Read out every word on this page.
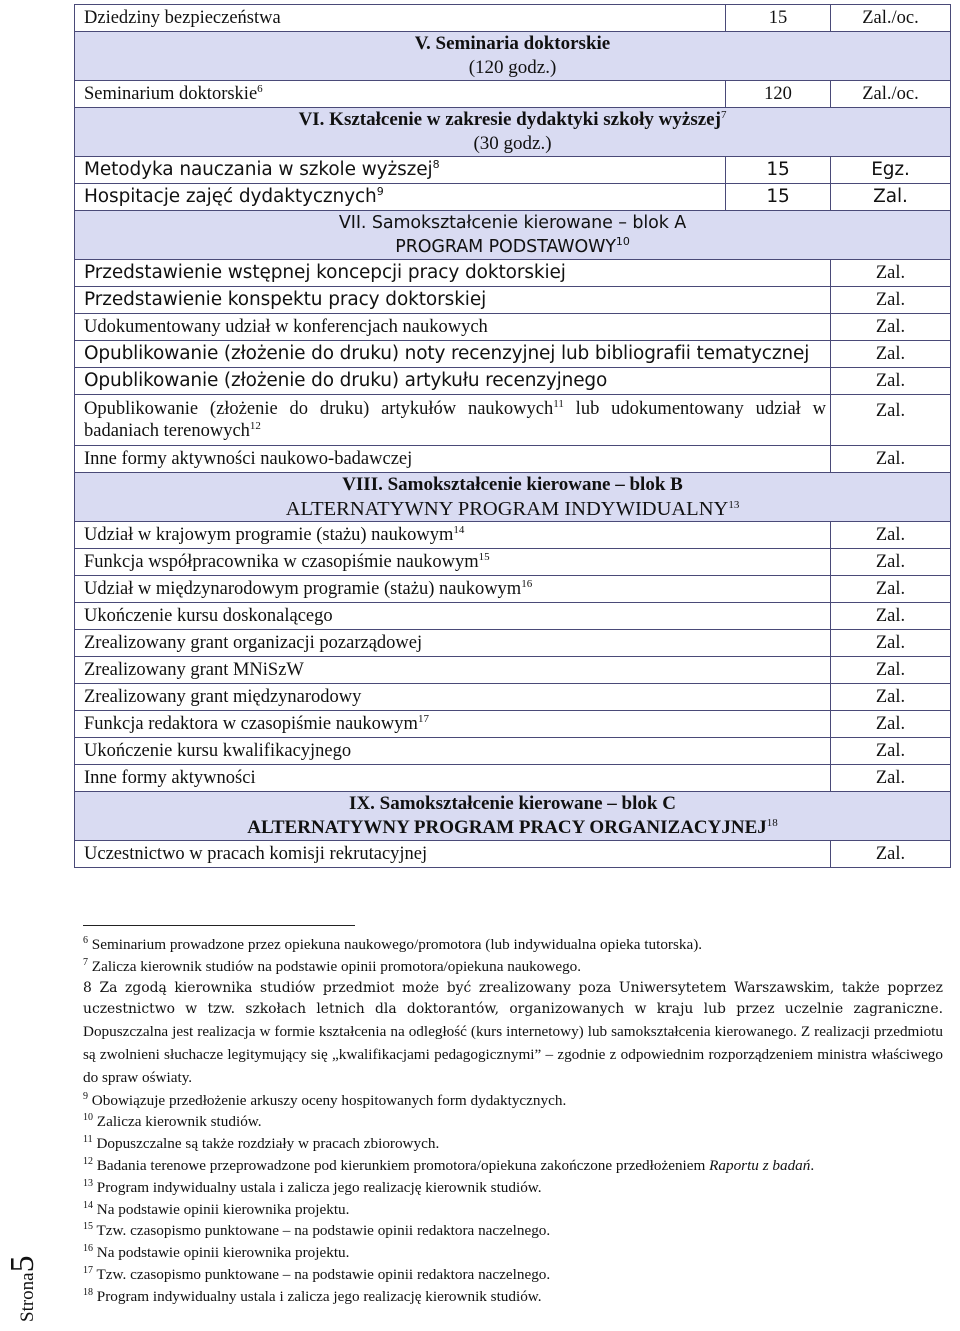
Dziedziny bezpieczeństwa	15	Zal./oc.

V. Seminaria doktorskie
(120 godz.)		

Seminarium doktorskie$^6$	120	Zal./oc.

VI. Kształcenie w zakresie dydaktyki szkoły wyższej$^7$
(30 godz.)		

Metodyka nauczania w szkole wyższej$^8$	15	Egz.
Hospitacje zajęć dydaktycznych$^9$	15	Zal.

VII. Samokształcenie kierowane – blok A
PROGRAM PODSTAWOWY$^{10}$

Przedstawienie wstępnej koncepcji pracy doktorskiej		Zal.
Przedstawienie konspektu pracy doktorskiej		Zal.
Udokumentowany udział w konferencjach naukowych		Zal.
Opublikowanie (złożenie do druku) noty recenzyjnej lub bibliografii tematycznej		Zal.
Opublikowanie (złożenie do druku) artykułu recenzyjnego		Zal.
Opublikowanie (złożenie do druku) artykułów naukowych$^{11}$ lub udokumentowany udział w badaniach terenowych$^{12}$		Zal.
Inne formy aktywności naukowo-badawczej		Zal.

VIII. Samokształcenie kierowane – blok B
ALTERNATYWNY PROGRAM INDYWIDUALNY$^{13}$

Udział w krajowym programie (stażu) naukowym$^{14}$		Zal.
Funkcja współpracownika w czasopiśmie naukowym$^{15}$		Zal.
Udział w międzynarodowym programie (stażu) naukowym$^{16}$		Zal.
Ukończenie kursu doskonalącego		Zal.
Zrealizowany grant organizacji pozarządowej		Zal.
Zrealizowany grant MNiSzW		Zal.
Zrealizowany grant międzynarodowy		Zal.
Funkcja redaktora w czasopiśmie naukowym$^{17}$		Zal.
Ukończenie kursu kwalifikacyjnego		Zal.
Inne formy aktywności		Zal.

IX. Samokształcenie kierowane – blok C
ALTERNATYWNY PROGRAM PRACY ORGANIZACYJNEJ$^{18}$

Uczestnictwo w pracach komisji rekrutacyjnej		Zal.

$^6$ Seminarium prowadzone przez opiekuna naukowego/promotora (lub indywidualna opieka tutorska).

$^7$ Zalicza kierownik studiów na podstawie opinii promotora/opiekuna naukowego.

8 Za zgodą kierownika studiów przedmiot może być zrealizowany poza Uniwersytetem Warszawskim, także poprzez uczestnictwo w tzw. szkołach letnich dla doktorantów, organizowanych w kraju lub przez uczelnie zagraniczne. Dopuszczalna jest realizacja w formie kształcenia na odległość (kurs internetowy) lub samokształcenia kierowanego. Z realizacji przedmiotu są zwolnieni słuchacze legitymujący się „kwalifikacjami pedagogicznymi” – zgodnie z odpowiednim rozporządzeniem ministra właściwego do spraw oświaty.

$^9$ Obowiązuje przedłożenie arkuszy oceny hospitowanych form dydaktycznych.

$^{10}$ Zalicza kierownik studiów.

$^{11}$ Dopuszczalne są także rozdziały w pracach zbiorowych.

$^{12}$ Badania terenowe przeprowadzone pod kierunkiem promotora/opiekuna zakończone przedłożeniem Raportu z badań.

$^{13}$ Program indywidualny ustala i zalicza jego realizację kierownik studiów.

$^{14}$ Na podstawie opinii kierownika projektu.

$^{15}$ Tzw. czasopismo punktowane – na podstawie opinii redaktora naczelnego.

$^{16}$ Na podstawie opinii kierownika projektu.

$^{17}$ Tzw. czasopismo punktowane – na podstawie opinii redaktora naczelnego.

$^{18}$ Program indywidualny ustala i zalicza jego realizację kierownik studiów.

Strona5
